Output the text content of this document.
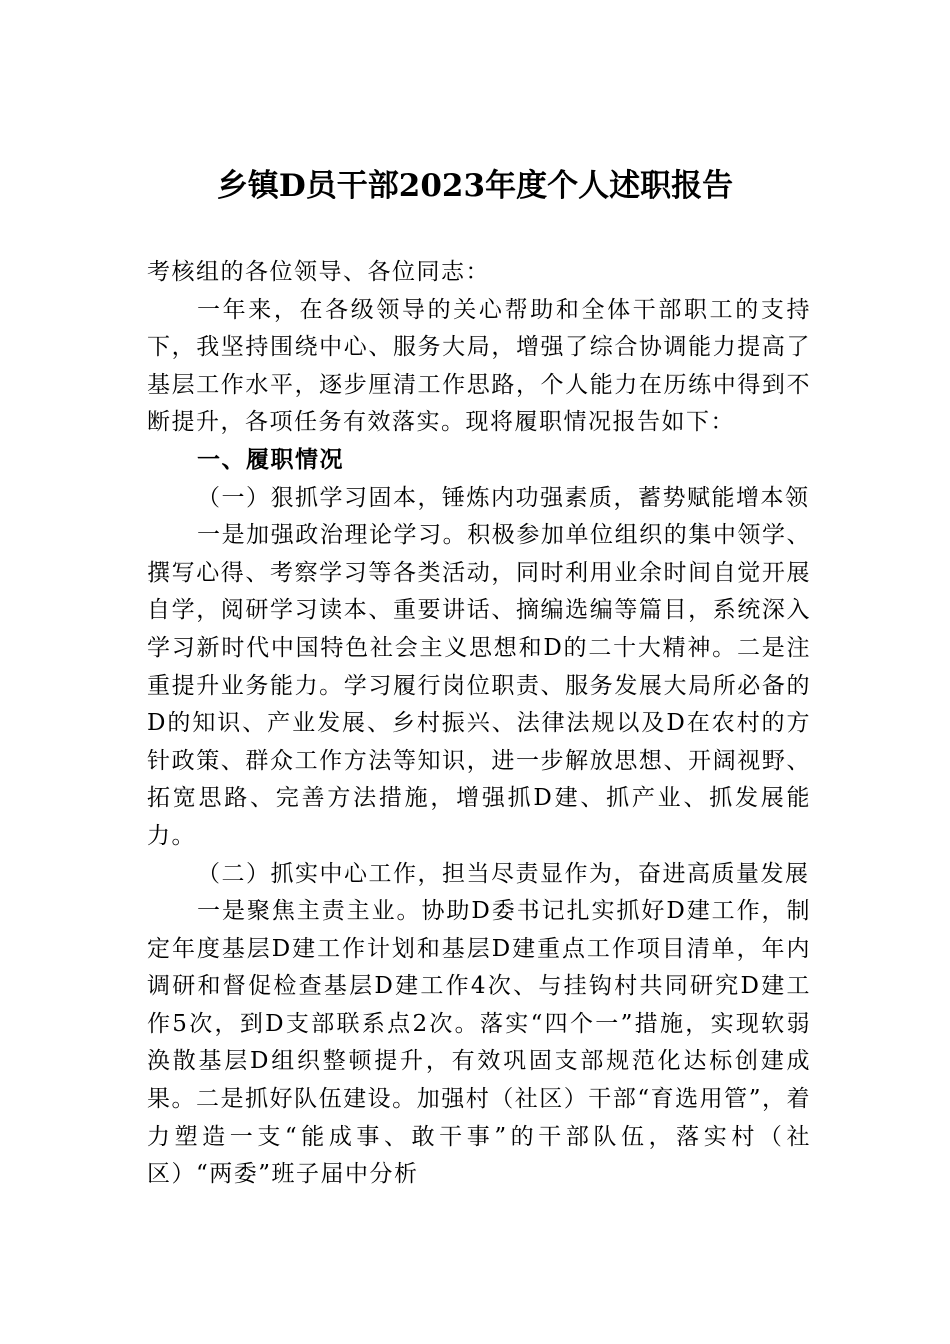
乡镇D员干部2023年度个人述职报告

考核组的各位领导、各位同志：

一年来，在各级领导的关心帮助和全体干部职工的支持下，我坚持围绕中心、服务大局，增强了综合协调能力提高了基层工作水平，逐步厘清工作思路，个人能力在历练中得到不断提升，各项任务有效落实。现将履职情况报告如下：

一、履职情况

（一）狠抓学习固本，锤炼内功强素质，蓄势赋能增本领

一是加强政治理论学习。积极参加单位组织的集中领学、撰写心得、考察学习等各类活动，同时利用业余时间自觉开展自学，阅研学习读本、重要讲话、摘编选编等篇目，系统深入学习新时代中国特色社会主义思想和D的二十大精神。二是注重提升业务能力。学习履行岗位职责、服务发展大局所必备的D的知识、产业发展、乡村振兴、法律法规以及D在农村的方针政策、群众工作方法等知识，进一步解放思想、开阔视野、拓宽思路、完善方法措施，增强抓D建、抓产业、抓发展能力。

（二）抓实中心工作，担当尽责显作为，奋进高质量发展

一是聚焦主责主业。协助D委书记扎实抓好D建工作，制定年度基层D建工作计划和基层D建重点工作项目清单，年内调研和督促检查基层D建工作4次、与挂钩村共同研究D建工作5次，到D支部联系点2次。落实“四个一”措施，实现软弱涣散基层D组织整顿提升，有效巩固支部规范化达标创建成果。二是抓好队伍建设。加强村（社区）干部“育选用管”，着力塑造一支“能成事、敢干事”的干部队伍，落实村（社区）“两委”班子届中分析
